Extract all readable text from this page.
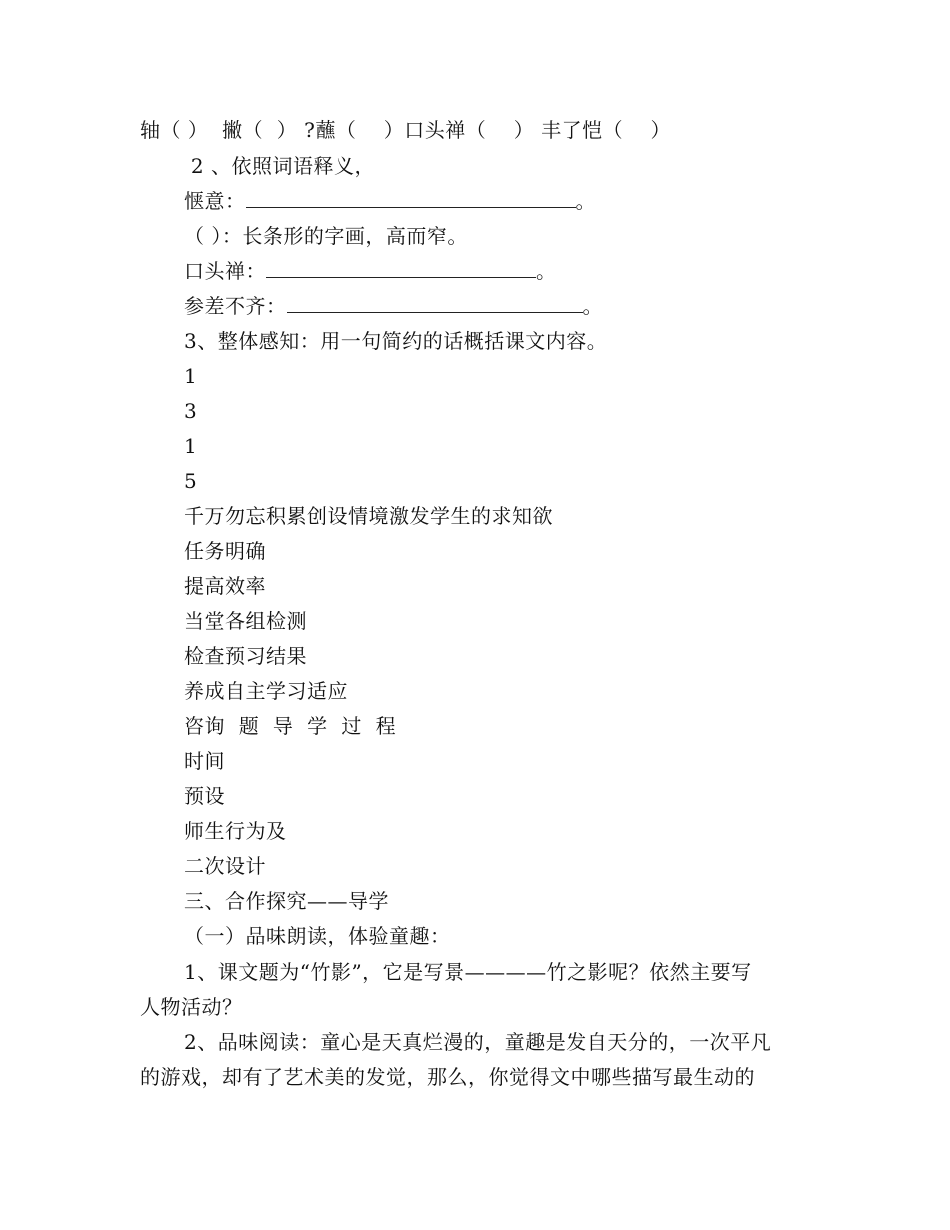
轴（ ）  撇（  ） ?蘸（    ）口头禅（    ） 丰了恺（    ）
2 、依照词语释义，
惬意：	。
（ ）：长条形的字画，高而窄。
口头禅：	。
参差不齐：	。
3、整体感知：用一句简约的话概括课文内容。
1
3
1
5
千万勿忘积累创设情境激发学生的求知欲
任务明确
提高效率
当堂各组检测
检查预习结果
养成自主学习适应
咨询  题  导  学  过  程
时间
预设
师生行为及
二次设计
三、合作探究——导学
（一）品味朗读，体验童趣：
1、课文题为“竹影”，它是写景————竹之影呢？依然主要写
人物活动？
2、品味阅读：童心是天真烂漫的，童趣是发自天分的，一次平凡
的游戏，却有了艺术美的发觉，那么，你觉得文中哪些描写最生动的
